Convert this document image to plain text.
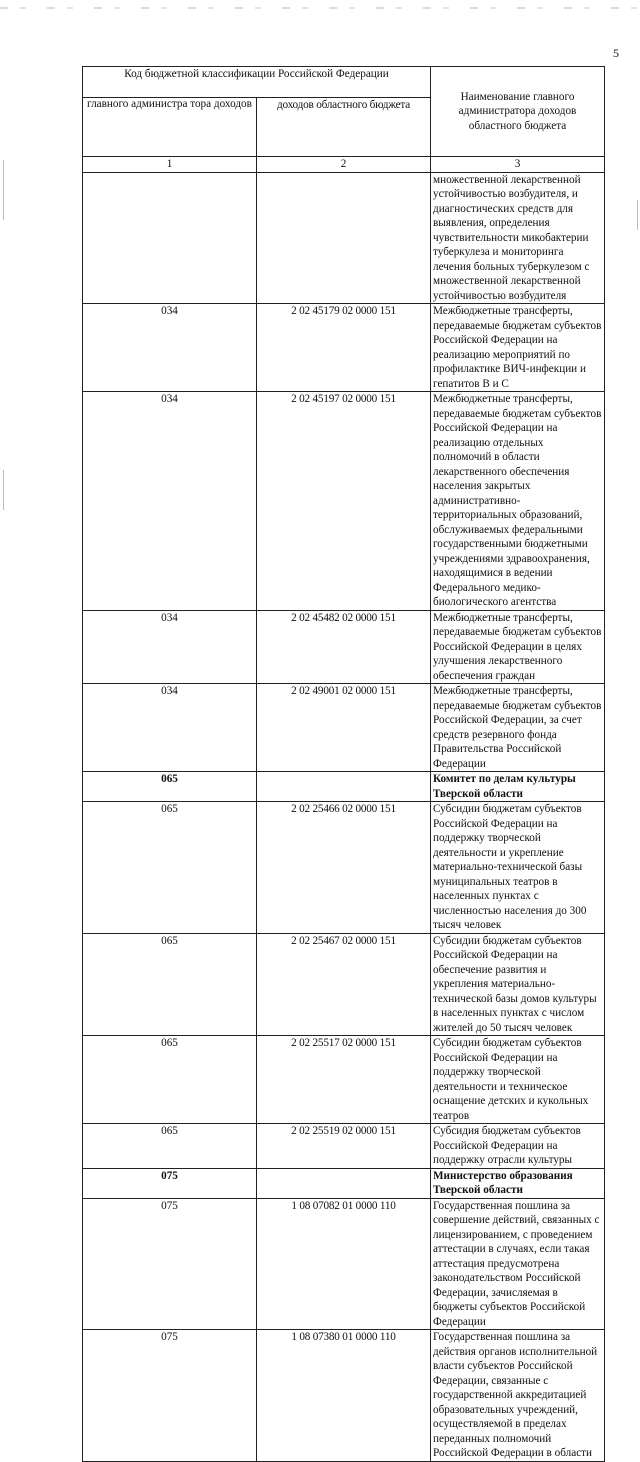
5
Код бюджетной классификации Российской Федерации		Наименование главного администратора доходов областного бюджета
главного администра тора доходов	доходов областного бюджета	
1	2	3
		множественной лекарственной устойчивостью возбудителя, и диагностических средств для выявления, определения чувствительности микобактерии туберкулеза и мониторинга лечения больных туберкулезом с множественной лекарственной устойчивостью возбудителя
034	2 02 45179 02 0000 151	Межбюджетные трансферты, передаваемые бюджетам субъектов Российской Федерации на реализацию мероприятий по профилактике ВИЧ-инфекции и гепатитов В и С
034	2 02 45197 02 0000 151	Межбюджетные трансферты, передаваемые бюджетам субъектов Российской Федерации на реализацию отдельных полномочий в области лекарственного обеспечения населения закрытых административно-территориальных образований, обслуживаемых федеральными государственными бюджетными учреждениями здравоохранения, находящимися в ведении Федерального медико-биологического агентства
034	2 02 45482 02 0000 151	Межбюджетные трансферты, передаваемые бюджетам субъектов Российской Федерации в целях улучшения лекарственного обеспечения граждан
034	2 02 49001 02 0000 151	Межбюджетные трансферты, передаваемые бюджетам субъектов Российской Федерации, за счет средств резервного фонда Правительства Российской Федерации
065		Комитет по делам культуры Тверской области
065	2 02 25466 02 0000 151	Субсидии бюджетам субъектов Российской Федерации на поддержку творческой деятельности и укрепление материально-технической базы муниципальных театров в населенных пунктах с численностью населения до 300 тысяч человек
065	2 02 25467 02 0000 151	Субсидии бюджетам субъектов Российской Федерации на обеспечение развития и укрепления материально-технической базы домов культуры в населенных пунктах с числом жителей до 50 тысяч человек
065	2 02 25517 02 0000 151	Субсидии бюджетам субъектов Российской Федерации на поддержку творческой деятельности и техническое оснащение детских и кукольных театров
065	2 02 25519 02 0000 151	Субсидия бюджетам субъектов Российской Федерации на поддержку отрасли культуры
075		Министерство образования Тверской области
075	1 08 07082 01 0000 110	Государственная пошлина за совершение действий, связанных с лицензированием, с проведением аттестации в случаях, если такая аттестация предусмотрена законодательством Российской Федерации, зачисляемая в бюджеты субъектов Российской Федерации
075	1 08 07380 01 0000 110	Государственная пошлина за действия органов исполнительной власти субъектов Российской Федерации, связанные с государственной аккредитацией образовательных учреждений, осуществляемой в пределах переданных полномочий Российской Федерации в области
